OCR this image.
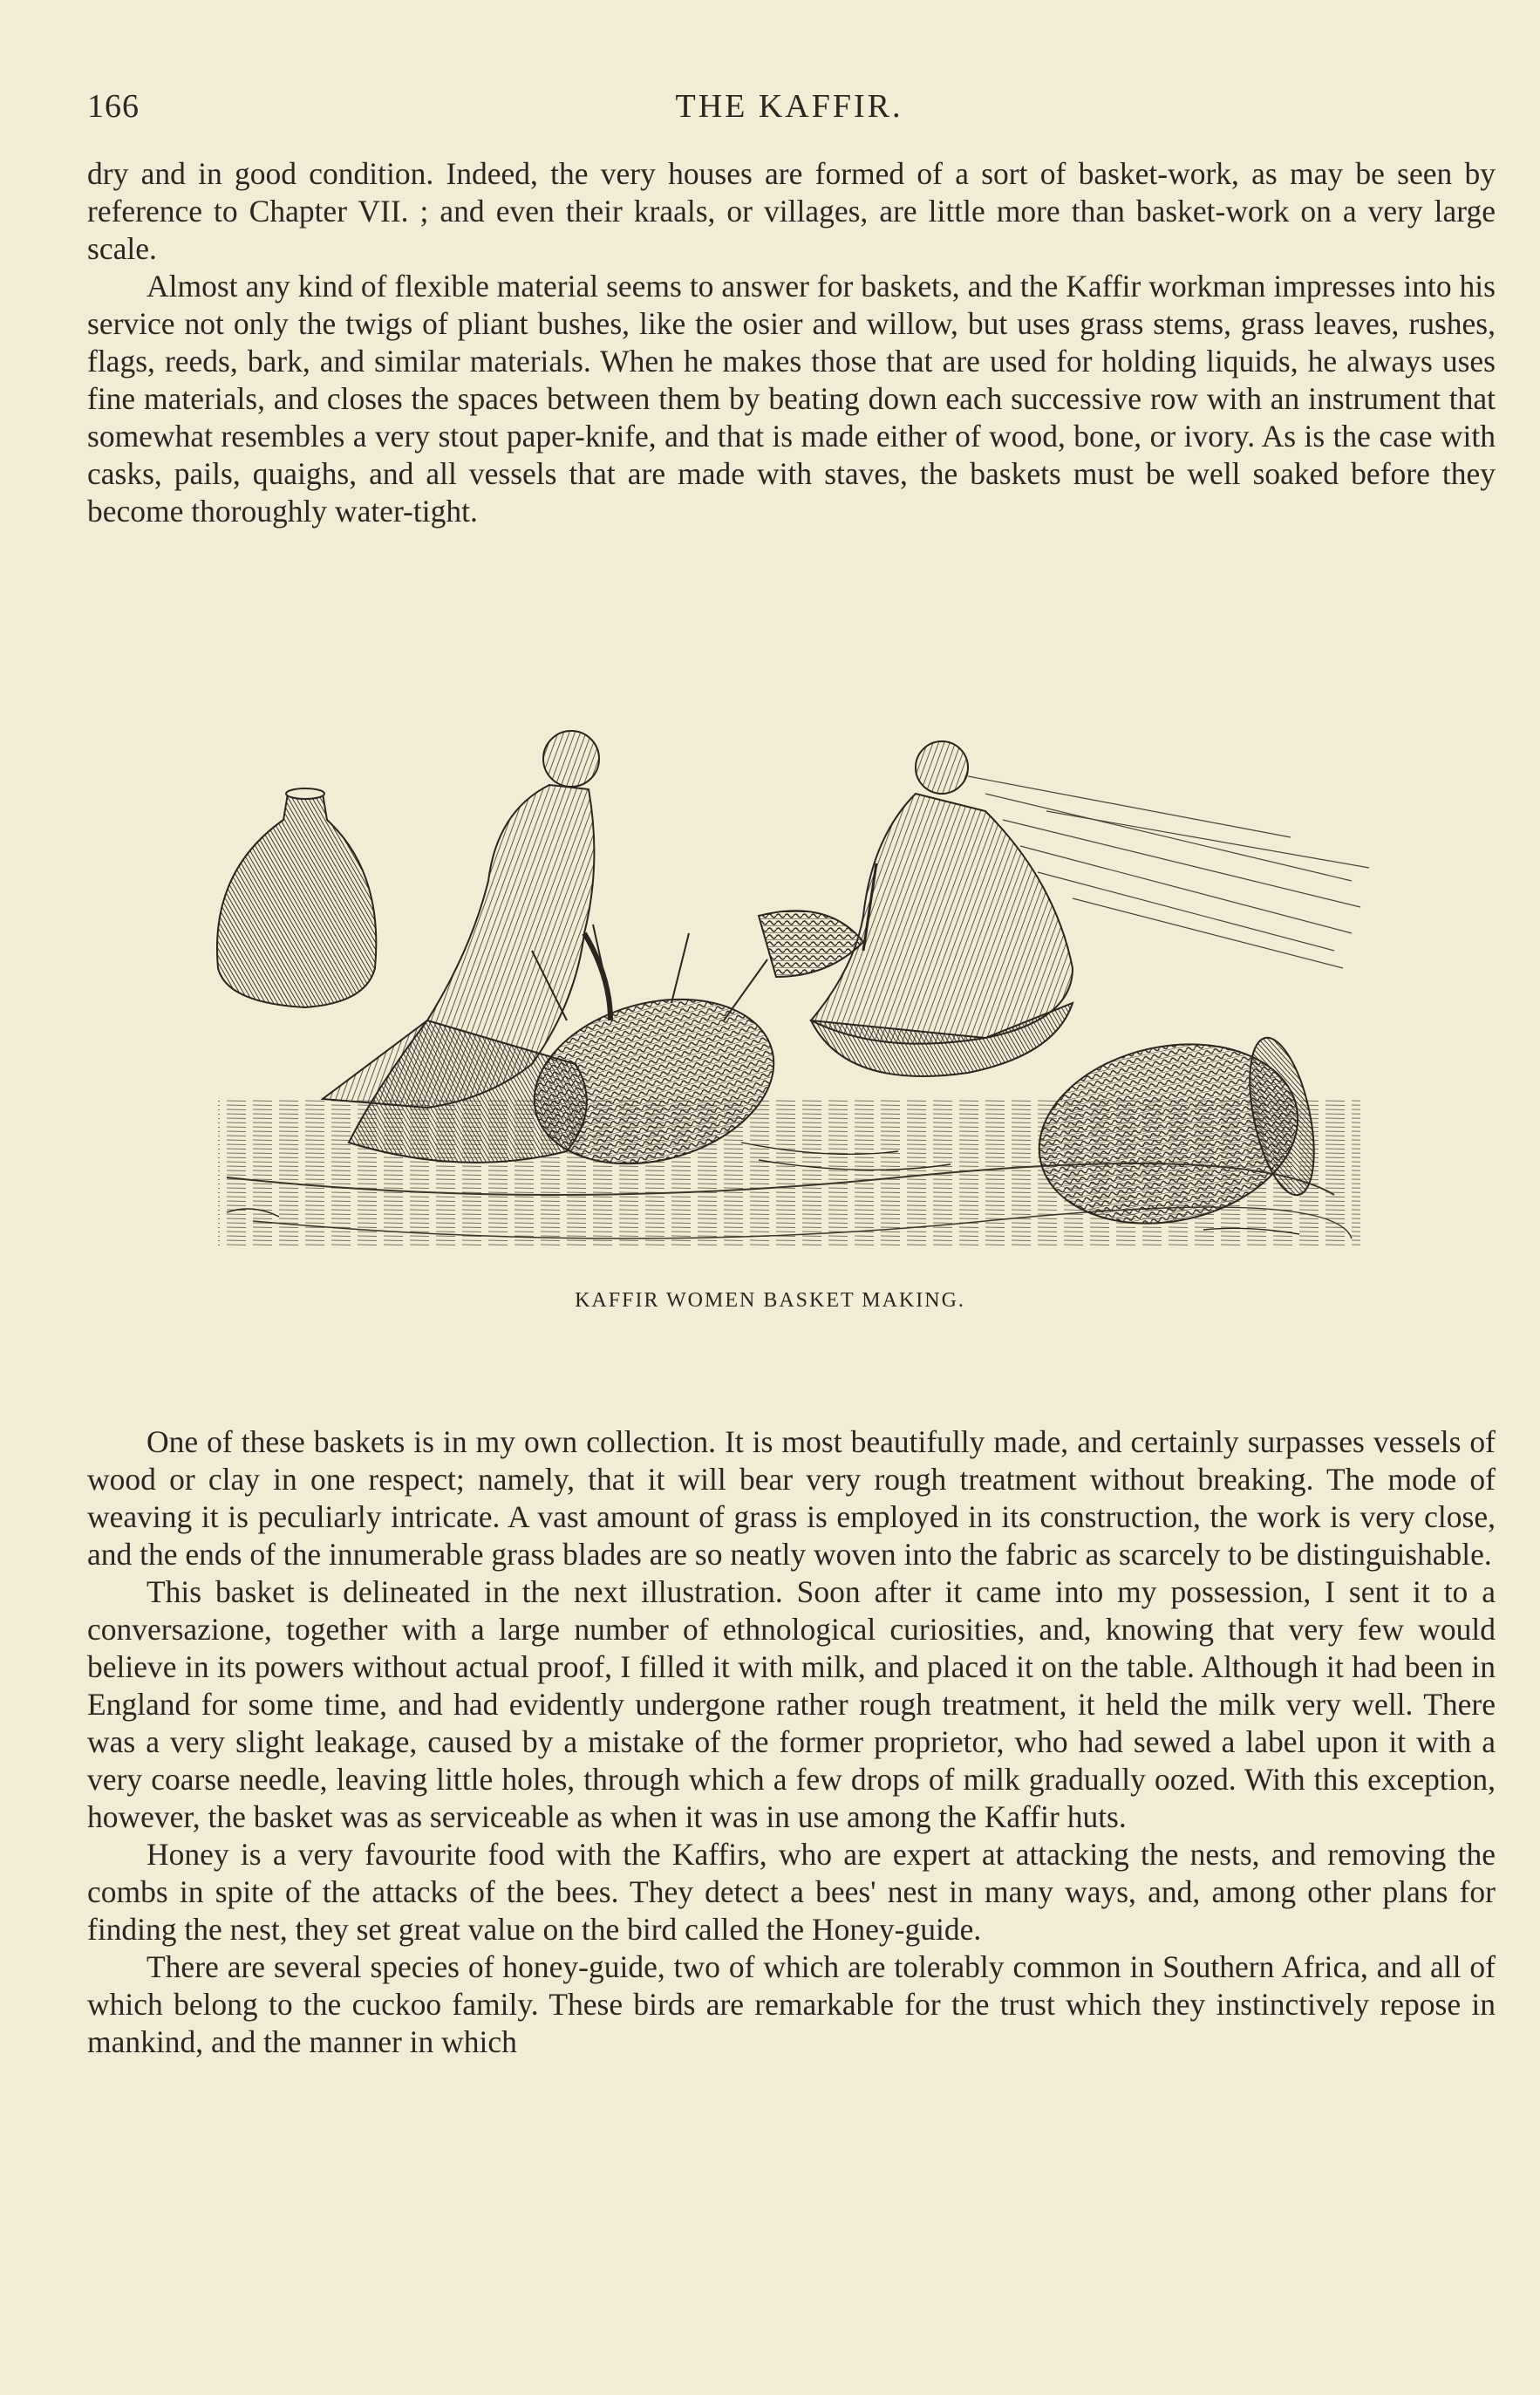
166	THE KAFFIR.

dry and in good condition. Indeed, the very houses are formed of a sort of basket-work, as may be seen by reference to Chapter VII. ; and even their kraals, or villages, are little more than basket-work on a very large scale.

Almost any kind of flexible material seems to answer for baskets, and the Kaffir workman impresses into his service not only the twigs of pliant bushes, like the osier and willow, but uses grass stems, grass leaves, rushes, flags, reeds, bark, and similar materials. When he makes those that are used for holding liquids, he always uses fine materials, and closes the spaces between them by beating down each successive row with an instrument that somewhat resembles a very stout paper-knife, and that is made either of wood, bone, or ivory. As is the case with casks, pails, quaighs, and all vessels that are made with staves, the baskets must be well soaked before they become thoroughly water-tight.

KAFFIR WOMEN BASKET MAKING.

One of these baskets is in my own collection. It is most beautifully made, and certainly surpasses vessels of wood or clay in one respect; namely, that it will bear very rough treatment without breaking. The mode of weaving it is peculiarly intricate. A vast amount of grass is employed in its construction, the work is very close, and the ends of the innumerable grass blades are so neatly woven into the fabric as scarcely to be distinguishable.

This basket is delineated in the next illustration. Soon after it came into my possession, I sent it to a conversazione, together with a large number of ethnological curiosities, and, knowing that very few would believe in its powers without actual proof, I filled it with milk, and placed it on the table. Although it had been in England for some time, and had evidently undergone rather rough treatment, it held the milk very well. There was a very slight leakage, caused by a mistake of the former proprietor, who had sewed a label upon it with a very coarse needle, leaving little holes, through which a few drops of milk gradually oozed. With this exception, however, the basket was as serviceable as when it was in use among the Kaffir huts.

Honey is a very favourite food with the Kaffirs, who are expert at attacking the nests, and removing the combs in spite of the attacks of the bees. They detect a bees' nest in many ways, and, among other plans for finding the nest, they set great value on the bird called the Honey-guide.

There are several species of honey-guide, two of which are tolerably common in Southern Africa, and all of which belong to the cuckoo family. These birds are remarkable for the trust which they instinctively repose in mankind, and the manner in which
